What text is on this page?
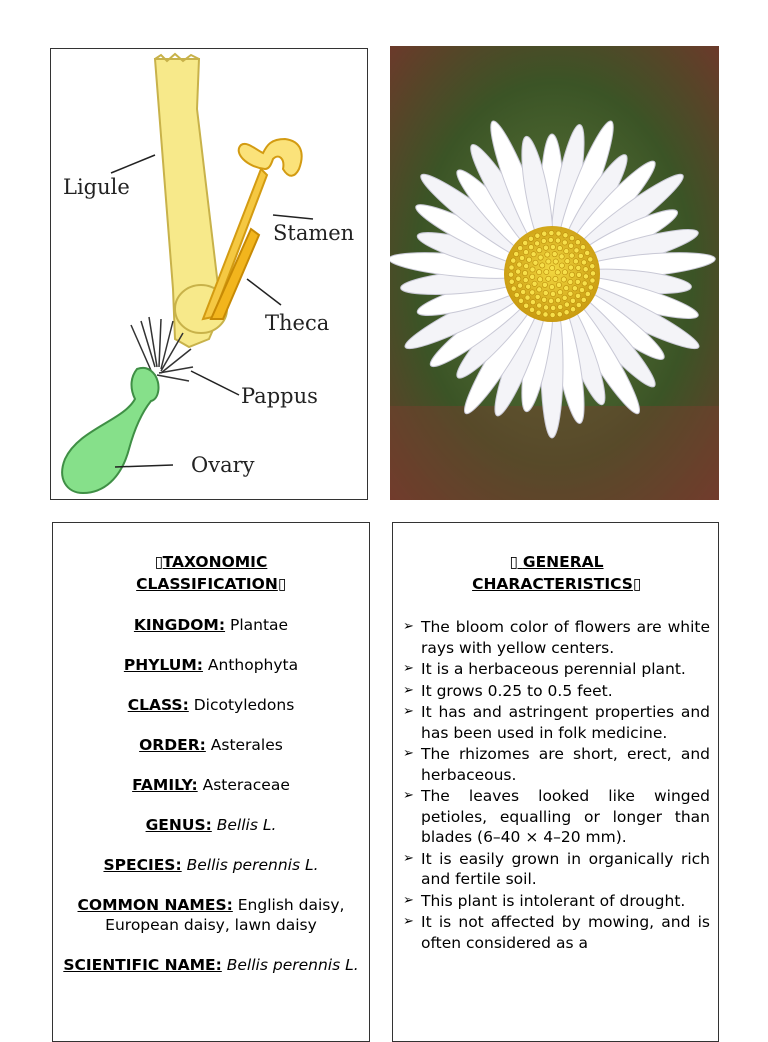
Ligule
Stamen
Theca
Pappus
Ovary
▯TAXONOMIC
CLASSIFICATION▯
KINGDOM: Plantae
PHYLUM: Anthophyta
CLASS: Dicotyledons
ORDER: Asterales
FAMILY: Asteraceae
GENUS: Bellis L.
SPECIES: Bellis perennis L.
COMMON NAMES: English daisy, European daisy, lawn daisy
SCIENTIFIC NAME: Bellis perennis L.
▯ GENERAL
CHARACTERISTICS▯
➢ The bloom color of flowers are white rays with yellow centers.
➢ It is a herbaceous perennial plant.
➢ It grows 0.25 to 0.5 feet.
➢ It has and astringent properties and has been used in folk medicine.
➢ The rhizomes are short, erect, and herbaceous.
➢ The leaves looked like winged petioles, equalling or longer than blades (6–40 × 4–20 mm).
➢ It is easily grown in organically rich and fertile soil.
➢ This plant is intolerant of drought.
➢ It is not affected by mowing, and is often considered as a
